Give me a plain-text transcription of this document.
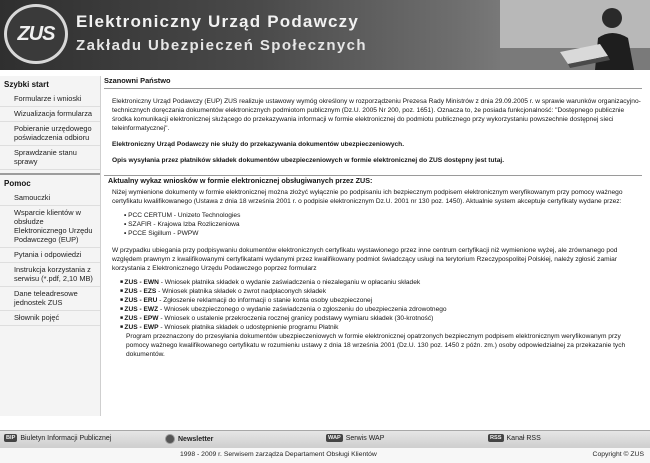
ZUS
Elektroniczny Urząd Podawczy
Zakładu Ubezpieczeń Społecznych
Szybki start
Formularze i wnioski
Wizualizacja formularza
Pobieranie urzędowego poświadczenia odbioru
Sprawdzanie stanu sprawy
Pomoc
Samouczki
Wsparcie klientów w obsłudze Elektronicznego Urzędu Podawczego (EUP)
Pytania i odpowiedzi
Instrukcja korzystania z serwisu (*.pdf, 2,10 MB)
Dane teleadresowe jednostek ZUS
Słownik pojęć
Szanowni Państwo

Elektroniczny Urząd Podawczy (EUP) ZUS realizuje ustawowy wymóg określony w rozporządzeniu Prezesa Rady Ministrów z dnia 29.09.2005 r. w sprawie warunków organizacyjno-technicznych doręczania dokumentów elektronicznych podmiotom publicznym (Dz.U. 2005 Nr 200, poz. 1651). Oznacza to, że posiada funkcjonalność: "Dostępnego publicznie środka komunikacji elektronicznej służącego do przekazywania informacji w formie elektronicznej do podmiotu publicznego przy wykorzystaniu powszechnie dostępnej sieci teleinformatycznej".

Elektroniczny Urząd Podawczy nie służy do przekazywania dokumentów ubezpieczeniowych.

Opis wysyłania przez płatników składek dokumentów ubezpieczeniowych w formie elektronicznej do ZUS dostępny jest tutaj.

Aktualny wykaz wniosków w formie elektronicznej obsługiwanych przez ZUS:

Niżej wymienione dokumenty w formie elektronicznej można złożyć wyłącznie po podpisaniu ich bezpiecznym podpisem elektronicznym weryfikowanym przy pomocy ważnego certyfikatu kwalifikowanego (Ustawa z dnia 18 września 2001 r. o podpisie elektronicznym Dz.U. 2001 nr 130 poz. 1450). Aktualnie system akceptuje certyfikaty wydane przez:

• PCC CERTUM - Unizeto Technologies
• SZAFIR - Krajowa Izba Rozliczeniowa
• PCCE Sigillum - PWPW

W przypadku ubiegania przy podpisywaniu dokumentów elektronicznych certyfikatu wystawionego przez inne centrum certyfikacji niż wymienione wyżej, ale zrównanego pod względem prawnym z kwalifikowanymi certyfikatami wydanymi przez kwalifikowany podmiot świadczący usługi na terytorium Rzeczypospolitej Polskiej, należy zgłosić zamiar korzystania z Elektronicznego Urzędu Podawczego poprzez formularz

■ ZUS - EWN - Wniosek płatnika składek o wydanie zaświadczenia o niezaleganiu w opłacaniu składek
■ ZUS - EZS - Wniosek płatnika składek o zwrot nadpłaconych składek
■ ZUS - ERU - Zgłoszenie reklamacji do informacji o stanie konta osoby ubezpieczonej
■ ZUS - EWZ - Wniosek ubezpieczonego o wydanie zaświadczenia o zgłoszeniu do ubezpieczenia zdrowotnego
■ ZUS - EPW - Wniosek o ustalenie przekroczenia rocznej granicy podstawy wymiaru składek (30-krotność)
■ ZUS - EWP - Wniosek płatnika składek o udostępnienie programu Płatnik

Program przeznaczony do przesyłania dokumentów ubezpieczeniowych w formie elektronicznej opatrzonych bezpiecznym podpisem elektronicznym weryfikowanym przy pomocy ważnego kwalifikowanego certyfikatu w rozumieniu ustawy z dnia 18 września 2001 (Dz.U. 130 poz. 1450 z późn. zm.) osoby odpowiedzialnej za przekazanie tych dokumentów.

BIP Biuletyn Informacji Publicznej	Newsletter	WAP Serwis WAP	RSS Kanał RSS
1998 - 2009 r. Serwisem zarządza Departament Obsługi Klientów	Copyright © ZUS
